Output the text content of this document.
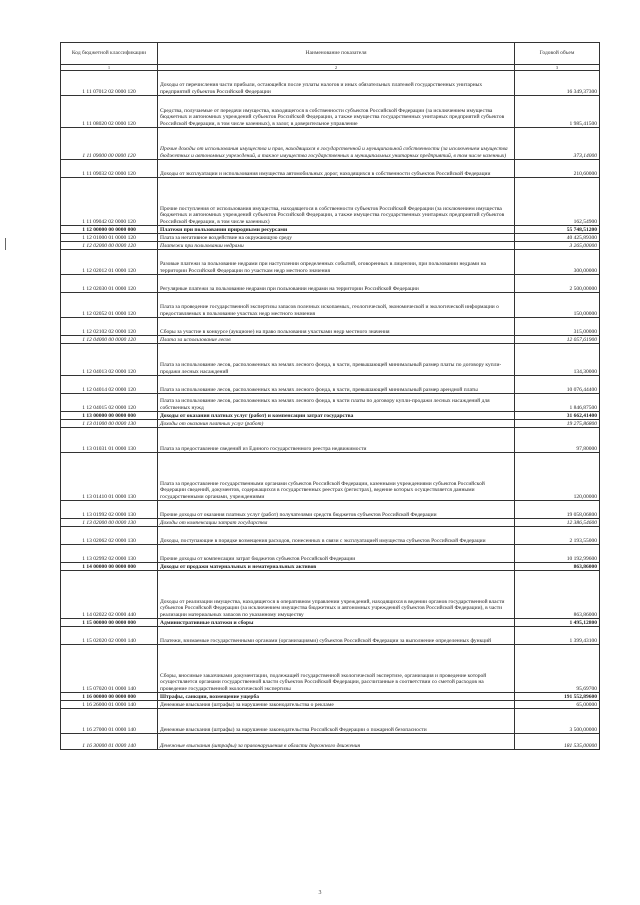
Код бюджетной классификации	Наименование показателя	Годовой объем
1	2	3
1 11 07012 02 0000 120	Доходы от перечисления части прибыли, остающейся после уплаты налогов и иных обязательных платежей государственных унитарных предприятий субъектов Российской Федерации	16 349,37300
1 11 08020 02 0000 120	Средства, получаемые от передачи имущества, находящегося в собственности субъектов Российской Федерации (за исключением имущества бюджетных и автономных учреждений субъектов Российской Федерации, а также имущества государственных унитарных предприятий субъектов Российской Федерации, в том числе казенных), в залог, в доверительное управление	1 985,41500
1 11 09000 00 0000 120	Прочие доходы от использования имущества и прав, находящихся в государственной и муниципальной собственности (за исключением имущества бюджетных и автономных учреждений, а также имущества государственных и муниципальных унитарных предприятий, в том числе казенных)	373,14000
1 11 09032 02 0000 120	Доходы от эксплуатации и использования имущества автомобильных дорог, находящихся в собственности субъектов Российской Федерации	210,60000
1 11 09042 02 0000 120	Прочие поступления от использования имущества, находящегося в собственности субъектов Российской Федерации (за исключением имущества бюджетных и автономных учреждений субъектов Российской Федерации, а также имущества государственных унитарных предприятий субъектов Российской Федерации, в том числе казенных)	162,54900
1 12 00000 00 0000 000	Платежи при пользовании природными ресурсами	55 748,51200
1 12 01000 01 0000 120	Плата за негативное воздействие на окружающую среду	40 425,89300
1 12 02000 00 0000 120	Платежи при пользовании недрами	3 265,00000
1 12 02012 01 0000 120	Разовые платежи за пользование недрами при наступлении определенных событий, оговоренных в лицензии, при пользовании недрами на территории Российской Федерации по участкам недр местного значения	300,00000
1 12 02030 01 0000 120	Регулярные платежи за пользование недрами при пользовании недрами на территории Российской Федерации	2 500,00000
1 12 02052 01 0000 120	Плата за проведение государственной экспертизы запасов полезных ископаемых, геологической, экономической и экологической информации о предоставляемых в пользование участках недр местного значения	150,00000
1 12 02102 02 0000 120	Сборы за участие в конкурсе (аукционе) на право пользования участками недр местного значения	315,00000
1 12 04000 00 0000 120	Плата за использование лесов	12 057,61900
1 12 04013 02 0000 120	Плата за использование лесов, расположенных на землях лесного фонда, в части, превышающей минимальный размер платы по договору купли-продажи лесных насаждений	134,30000
1 12 04014 02 0000 120	Плата за использование лесов, расположенных на землях лесного фонда, в части, превышающей минимальный размер арендной платы	10 076,44400
1 12 04015 02 0000 120	Плата за использование лесов, расположенных на землях лесного фонда, в части платы по договору купли-продажи лесных насаждений для собственных нужд	1 846,87500
1 13 00000 00 0000 000	Доходы от оказания платных услуг (работ) и компенсации затрат государства	31 662,41400
1 13 01000 00 0000 130	Доходы от оказания платных услуг (работ)	19 275,86800
1 13 01031 01 0000 130	Плата за предоставление сведений из Единого государственного реестра недвижимости	97,80000
1 13 01410 01 0000 130	Плата за предоставление государственными органами субъектов Российской Федерации, казенными учреждениями субъектов Российской Федерации сведений, документов, содержащихся в государственных реестрах (регистрах), ведение которых осуществляется данными государственными органами, учреждениями	120,00000
1 13 01992 02 0000 130	Прочие доходы от оказания платных услуг (работ) получателями средств бюджетов субъектов Российской Федерации	19 058,06800
1 13 02000 00 0000 130	Доходы от компенсации затрат государства	12 386,54600
1 13 02062 02 0000 130	Доходы, поступающие в порядке возмещения расходов, понесенных в связи с эксплуатацией имущества субъектов Российской Федерации	2 193,55000
1 13 02992 02 0000 130	Прочие доходы от компенсации затрат бюджетов субъектов Российской Федерации	10 192,99600
1 14 00000 00 0000 000	Доходы от продажи материальных и нематериальных активов	863,86000
1 14 02022 02 0000 440	Доходы от реализации имущества, находящегося в оперативном управлении учреждений, находящихся в ведении органов государственной власти субъектов Российской Федерации (за исключением имущества бюджетных и автономных учреждений субъектов Российской Федерации), в части реализации материальных запасов по указанному имуществу	863,86000
1 15 00000 00 0000 000	Административные платежи и сборы	1 495,12800
1 15 02020 02 0000 140	Платежи, взимаемые государственными органами (организациями) субъектов Российской Федерации за выполнение определенных функций	1 399,43100
1 15 07020 01 0000 140	Сборы, вносимые заказчиками документации, подлежащей государственной экологической экспертизе, организация и проведение которой осуществляется органами государственной власти субъектов Российской Федерации, рассчитанные в соответствии со сметой расходов на проведение государственной экологической экспертизы	95,69700
1 16 00000 00 0000 000	Штрафы, санкции, возмещение ущерба	191 552,89600
1 16 26000 01 0000 140	Денежные взыскания (штрафы) за нарушение законодательства о рекламе	65,00000
1 16 27000 01 0000 140	Денежные взыскания (штрафы) за нарушение законодательства Российской Федерации о пожарной безопасности	3 500,00000
1 16 30000 01 0000 140	Денежные взыскания (штрафы) за правонарушения в области дорожного движения	181 535,00000
3
